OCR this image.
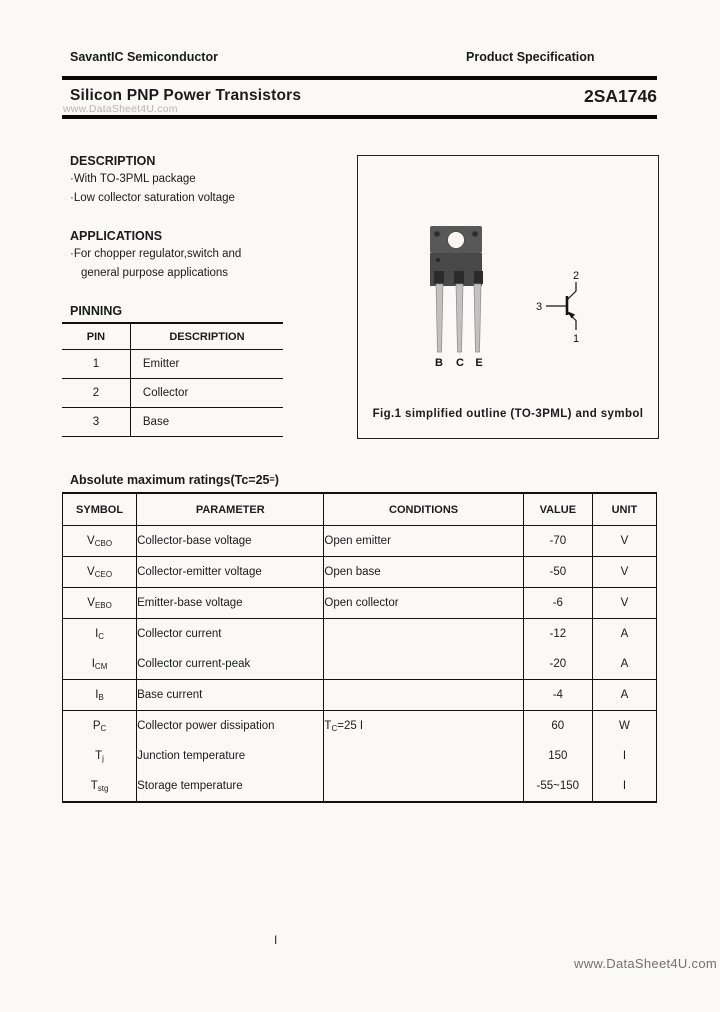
SavantIC Semiconductor	Product Specification
Silicon PNP Power Transistors	2SA1746
www.DataSheet4U.com
DESCRIPTION
·With TO-3PML package
·Low collector saturation voltage
APPLICATIONS
·For chopper regulator,switch and
general purpose applications
PINNING
PIN	DESCRIPTION
1	Emitter
2	Collector
3	Base
B C E
2
3
1
Fig.1 simplified outline (TO-3PML) and symbol
Absolute maximum ratings(Tc=25≡)
SYMBOL	PARAMETER	CONDITIONS	VALUE	UNIT
$V_{CBO}$	Collector-base voltage	Open emitter	-70	V
$V_{CEO}$	Collector-emitter voltage	Open base	-50	V
$V_{EBO}$	Emitter-base voltage	Open collector	-6	V
$I_C$	Collector current		-12	A
$I_{CM}$	Collector current-peak		-20	A
$I_B$	Base current		-4	A
$P_C$	Collector power dissipation	$T_C=25$ I	60	W
$T_j$	Junction temperature		150	I
$T_{stg}$	Storage temperature		-55~150	I
I
www.DataSheet4U.com
